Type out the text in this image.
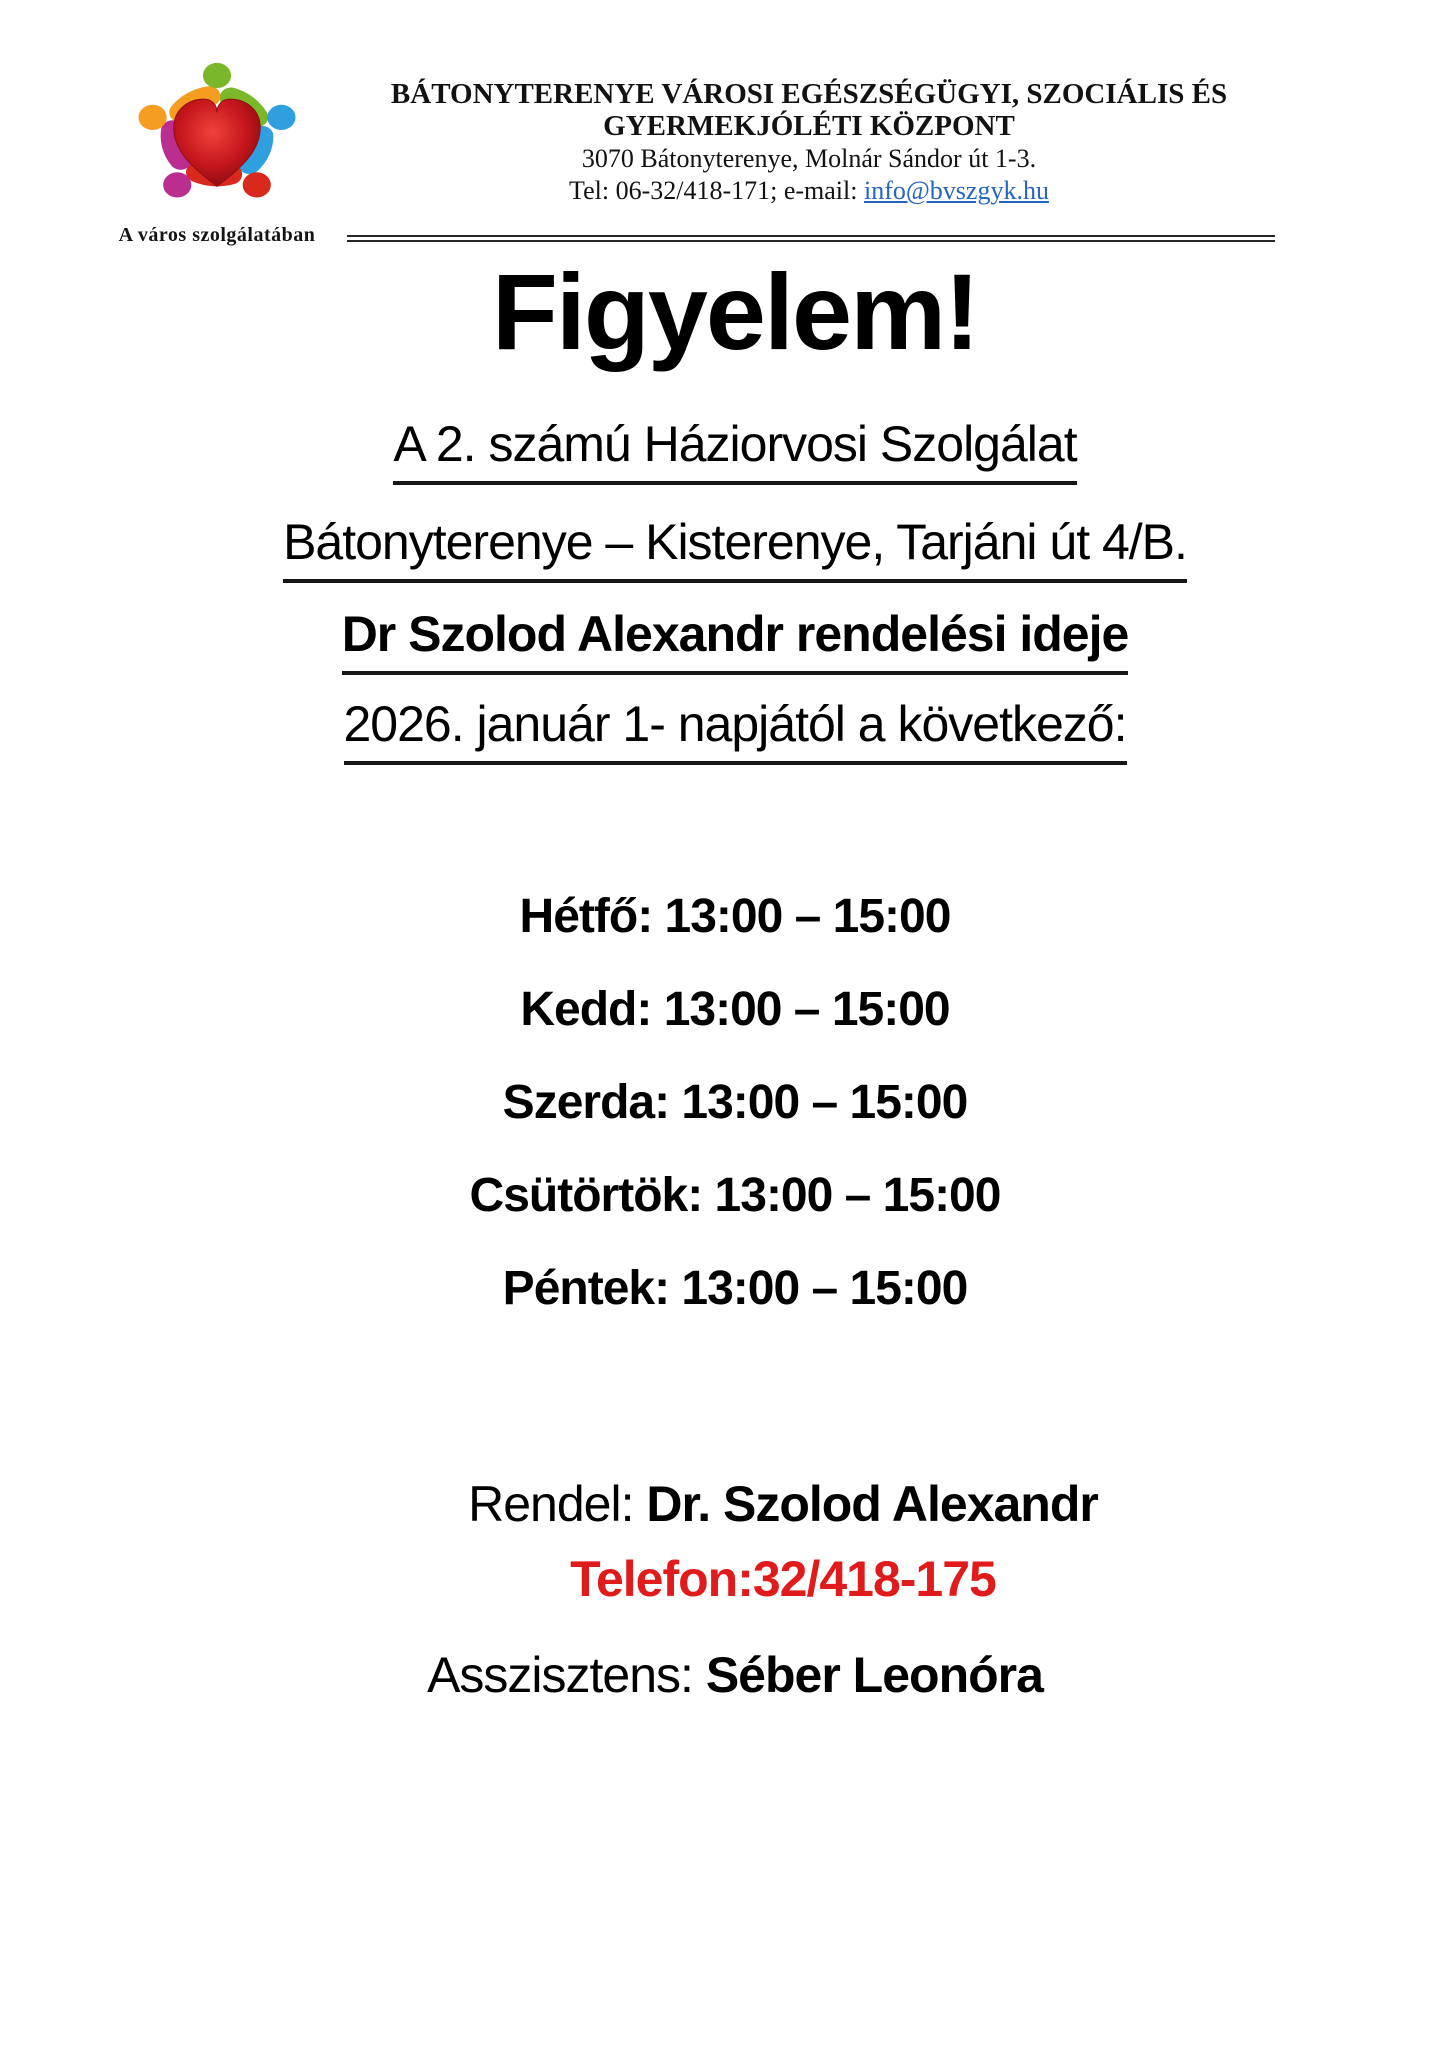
A város szolgálatában
BÁTONYTERENYE VÁROSI EGÉSZSÉGÜGYI, SZOCIÁLIS ÉS
GYERMEKJÓLÉTI KÖZPONT
3070 Bátonyterenye, Molnár Sándor út 1-3.
Tel: 06-32/418-171; e-mail: info@bvszgyk.hu
Figyelem!
A 2. számú Háziorvosi Szolgálat
Bátonyterenye – Kisterenye, Tarjáni út 4/B.
Dr Szolod Alexandr rendelési ideje
2026. január 1- napjától a következő:
Hétfő: 13:00 – 15:00
Kedd: 13:00 – 15:00
Szerda: 13:00 – 15:00
Csütörtök: 13:00 – 15:00
Péntek: 13:00 – 15:00
Rendel: Dr. Szolod Alexandr
Telefon:32/418-175
Asszisztens: Séber Leonóra
